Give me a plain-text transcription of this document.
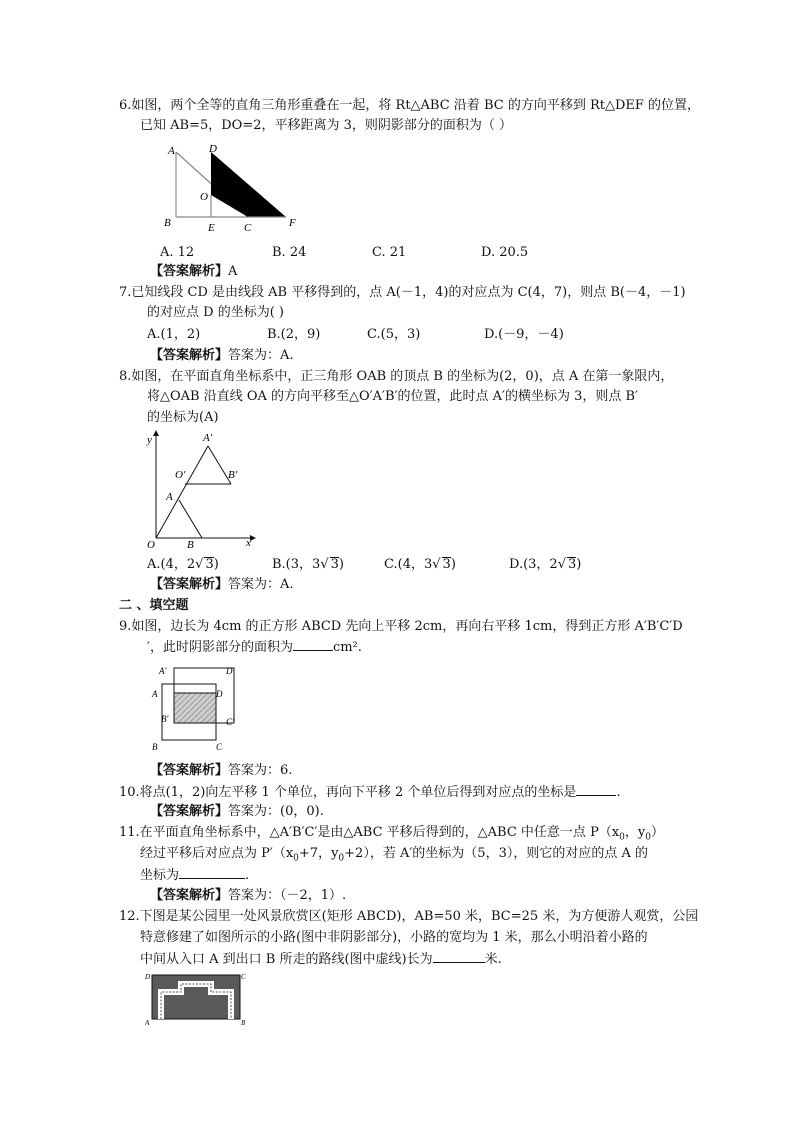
6.如图，两个全等的直角三角形重叠在一起，将 Rt△ABC 沿着 BC 的方向平移到 Rt△DEF 的位置，
已知 AB=5，DO=2，平移距离为 3，则阴影部分的面积为（ ）
A	D
O
B	E	C	F
A. 12	B. 24	C. 21	D. 20.5
【答案解析】A
7.已知线段 CD 是由线段 AB 平移得到的，点 A(－1，4)的对应点为 C(4，7)，则点 B(－4，－1)
的对应点 D 的坐标为( )
A.(1，2)	B.(2，9)	C.(5，3)	D.(－9，－4)
【答案解析】答案为：A.
8.如图，在平面直角坐标系中，正三角形 OAB 的顶点 B 的坐标为(2，0)，点 A 在第一象限内，
将△OAB 沿直线 OA 的方向平移至△O′A′B′的位置，此时点 A′的横坐标为 3，则点 B′
的坐标为(A)
y	A′
O′	B′
A
O	B	x
A.(4，2√ 3)	B.(3，3√ 3)	C.(4，3√ 3)	D.(3，2√ 3)
【答案解析】答案为：A.
二 、填空题
9.如图，边长为 4cm 的正方形 ABCD 先向上平移 2cm，再向右平移 1cm，得到正方形 A′B′C′D
′，此时阴影部分的面积为	cm².
A′	D′
A	D
B′	C′
B	C
【答案解析】答案为：6.
10.将点(1，2)向左平移 1 个单位，再向下平移 2 个单位后得到对应点的坐标是	.
【答案解析】答案为：(0，0).
11.在平面直角坐标系中，△A′B′C′是由△ABC 平移后得到的，△ABC 中任意一点 $P(x_0$，$y_0$）
经过平移后对应点为 $P'(x_0+7$，$y_0+2$），若 A′的坐标为（5，3），则它的对应的点 A 的
坐标为	.
【答案解析】答案为：（－2，1）.
12.下图是某公园里一处风景欣赏区(矩形 ABCD)，AB=50 米，BC=25 米，为方便游人观赏，公园
特意修建了如图所示的小路(图中非阴影部分)，小路的宽均为 1 米，那么小明沿着小路的
中间从入口 A 到出口 B 所走的路线(图中虚线)长为	米.
D	C
A	B
